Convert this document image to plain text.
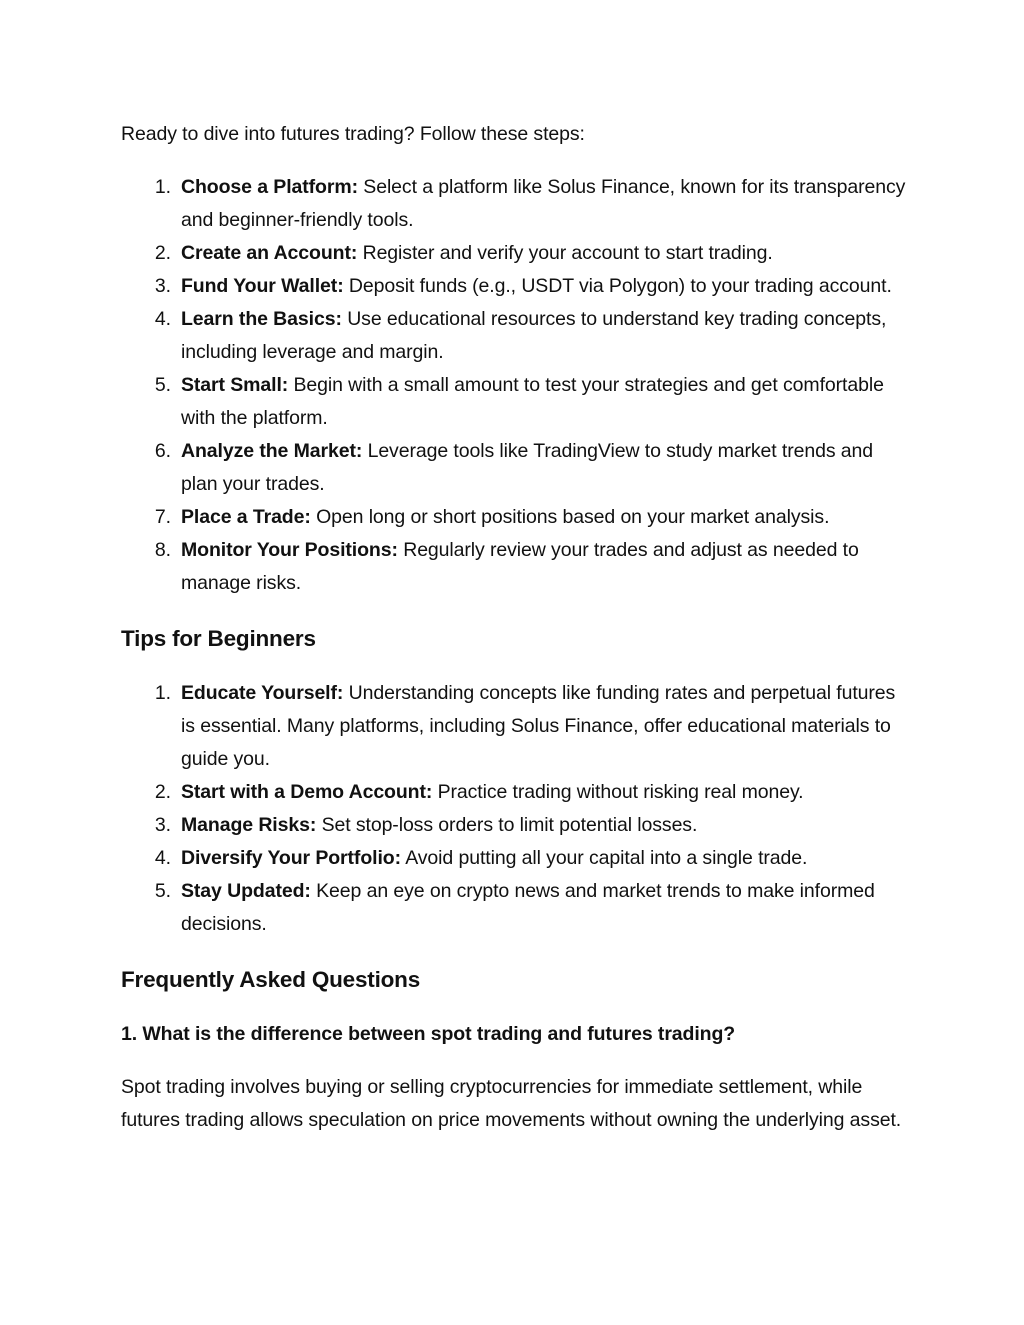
Ready to dive into futures trading? Follow these steps:

1. Choose a Platform: Select a platform like Solus Finance, known for its transparency and beginner-friendly tools.
2. Create an Account: Register and verify your account to start trading.
3. Fund Your Wallet: Deposit funds (e.g., USDT via Polygon) to your trading account.
4. Learn the Basics: Use educational resources to understand key trading concepts, including leverage and margin.
5. Start Small: Begin with a small amount to test your strategies and get comfortable with the platform.
6. Analyze the Market: Leverage tools like TradingView to study market trends and plan your trades.
7. Place a Trade: Open long or short positions based on your market analysis.
8. Monitor Your Positions: Regularly review your trades and adjust as needed to manage risks.
Tips for Beginners
1. Educate Yourself: Understanding concepts like funding rates and perpetual futures is essential. Many platforms, including Solus Finance, offer educational materials to guide you.
2. Start with a Demo Account: Practice trading without risking real money.
3. Manage Risks: Set stop-loss orders to limit potential losses.
4. Diversify Your Portfolio: Avoid putting all your capital into a single trade.
5. Stay Updated: Keep an eye on crypto news and market trends to make informed decisions.
Frequently Asked Questions
1. What is the difference between spot trading and futures trading?

Spot trading involves buying or selling cryptocurrencies for immediate settlement, while futures trading allows speculation on price movements without owning the underlying asset.
